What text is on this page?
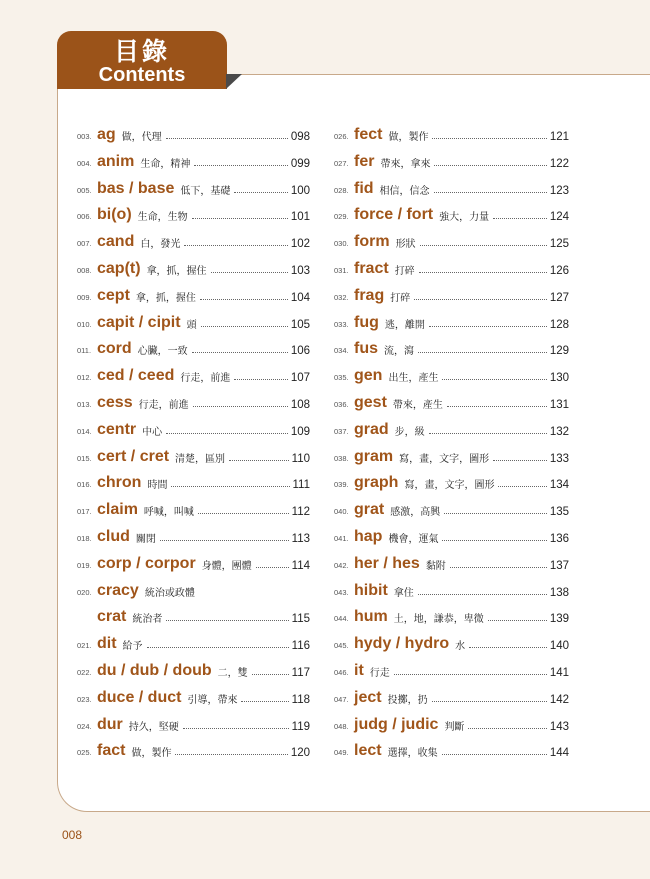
目錄
Contents
003. ag 做，代理	098
004. anim 生命，精神	099
005. bas / base 低下，基礎	100
006. bi(o) 生命，生物	101
007. cand 白，發光	102
008. cap(t) 拿，抓，握住	103
009. cept 拿，抓，握住	104
010. capit / cipit 頭	105
011. cord 心臟，一致	106
012. ced / ceed 行走，前進	107
013. cess 行走，前進	108
014. centr 中心	109
015. cert / cret 清楚，區別	110
016. chron 時間	111
017. claim 呼喊，叫喊	112
018. clud 關閉	113
019. corp / corpor 身體，團體	114
020. cracy 統治或政體
crat 統治者	115
021. dit 給予	116
022. du / dub / doub 二，雙	117
023. duce / duct 引導，帶來	118
024. dur 持久，堅硬	119
025. fact 做，製作	120
026. fect 做，製作	121
027. fer 帶來，拿來	122
028. fid 相信，信念	123
029. force / fort 強大，力量	124
030. form 形狀	125
031. fract 打碎	126
032. frag 打碎	127
033. fug 逃，離開	128
034. fus 流，瀉	129
035. gen 出生，產生	130
036. gest 帶來，產生	131
037. grad 步，級	132
038. gram 寫，畫，文字，圖形	133
039. graph 寫，畫，文字，圖形	134
040. grat 感激，高興	135
041. hap 機會，運氣	136
042. her / hes 黏附	137
043. hibit 拿住	138
044. hum 土，地，謙恭，卑微	139
045. hydy / hydro 水	140
046. it 行走	141
047. ject 投擲，扔	142
048. judg / judic 判斷	143
049. lect 選擇，收集	144
008
